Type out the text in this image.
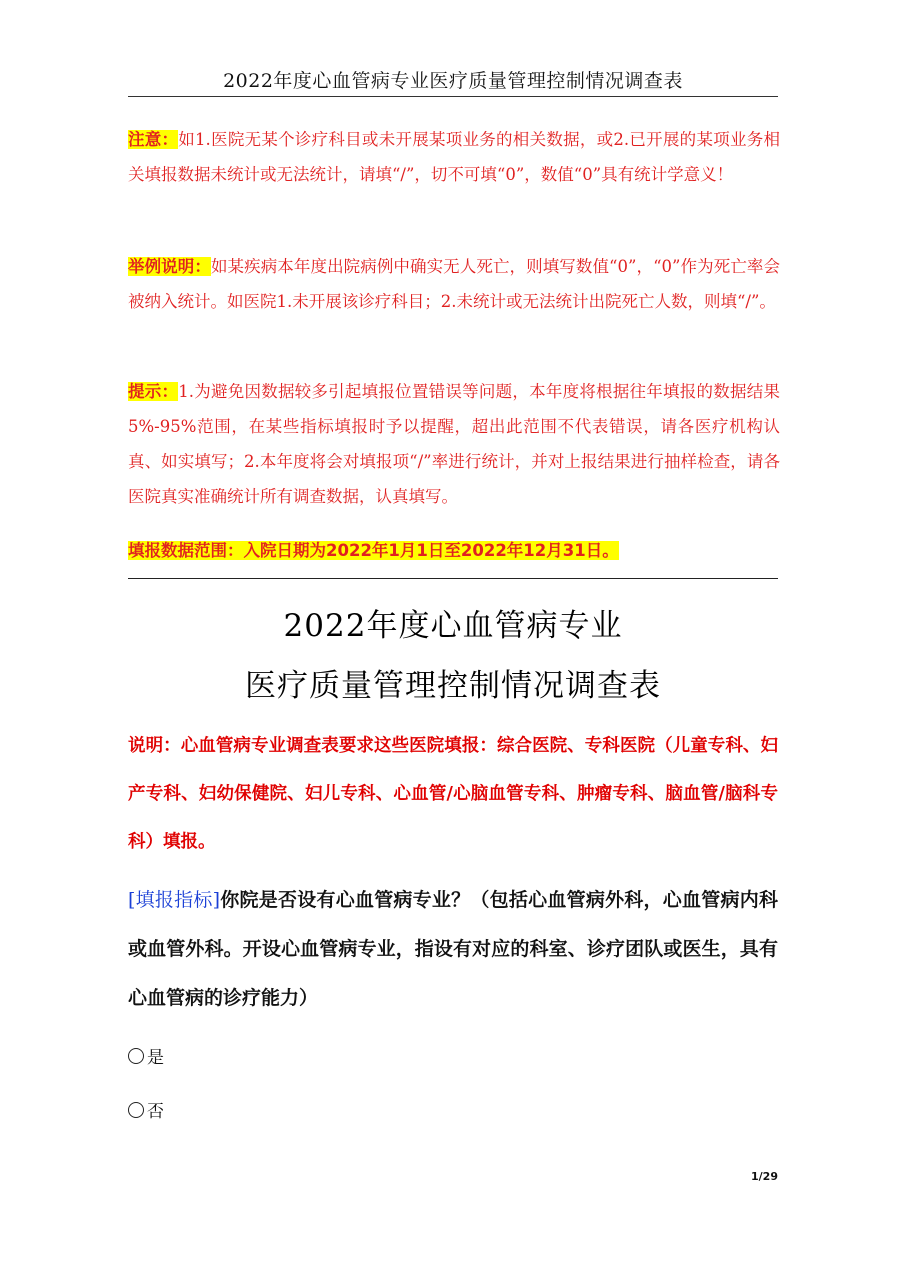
2022年度心血管病专业医疗质量管理控制情况调查表
注意：如1.医院无某个诊疗科目或未开展某项业务的相关数据，或2.已开展的某项业务相关填报数据未统计或无法统计，请填“/”，切不可填“0”，数值“0”具有统计学意义！
举例说明：如某疾病本年度出院病例中确实无人死亡，则填写数值“0”，“0”作为死亡率会被纳入统计。如医院1.未开展该诊疗科目；2.未统计或无法统计出院死亡人数，则填“/”。
提示：1.为避免因数据较多引起填报位置错误等问题，本年度将根据往年填报的数据结果5%-95%范围，在某些指标填报时予以提醒，超出此范围不代表错误，请各医疗机构认真、如实填写；2.本年度将会对填报项“/”率进行统计，并对上报结果进行抽样检查，请各医院真实准确统计所有调查数据，认真填写。
填报数据范围：入院日期为2022年1月1日至2022年12月31日。
2022年度心血管病专业
医疗质量管理控制情况调查表
说明：心血管病专业调查表要求这些医院填报：综合医院、专科医院（儿童专科、妇产专科、妇幼保健院、妇儿专科、心血管/心脑血管专科、肿瘤专科、脑血管/脑科专科）填报。
[填报指标]你院是否设有心血管病专业？（包括心血管病外科，心血管病内科或血管外科。开设心血管病专业，指设有对应的科室、诊疗团队或医生，具有心血管病的诊疗能力）
是
否
1/29
